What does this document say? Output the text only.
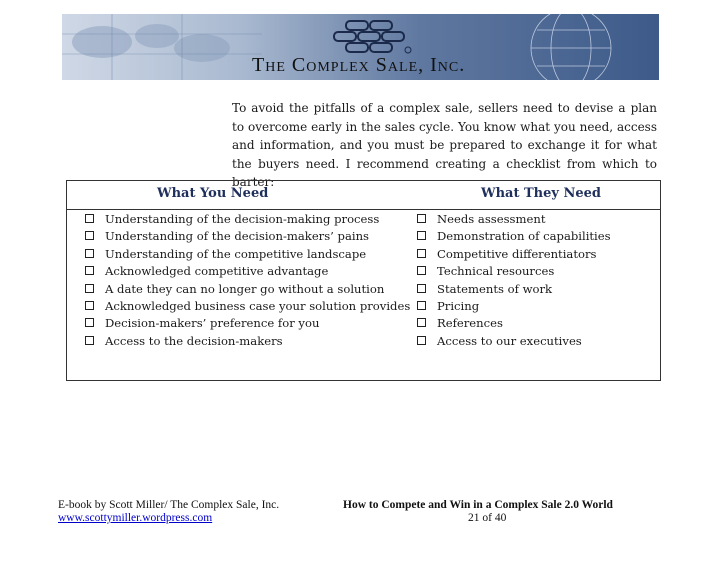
The Complex Sale, Inc.
To avoid the pitfalls of a complex sale, sellers need to devise a plan to overcome early in the sales cycle. You know what you need, access and information, and you must be prepared to exchange it for what the buyers need. I recommend creating a checklist from which to barter:
What You Need	What They Need
Understanding of the decision-making process
Understanding of the decision-makers’ pains
Understanding of the competitive landscape
Acknowledged competitive advantage
A date they can no longer go without a solution
Acknowledged business case your solution provides
Decision-makers’ preference for you
Access to the decision-makers
Needs assessment
Demonstration of capabilities
Competitive differentiators
Technical resources
Statements of work
Pricing
References
Access to our executives
E-book by Scott Miller/ The Complex Sale, Inc.
www.scottymiller.wordpress.com
How to Compete and Win in a Complex Sale 2.0 World
21 of 40
